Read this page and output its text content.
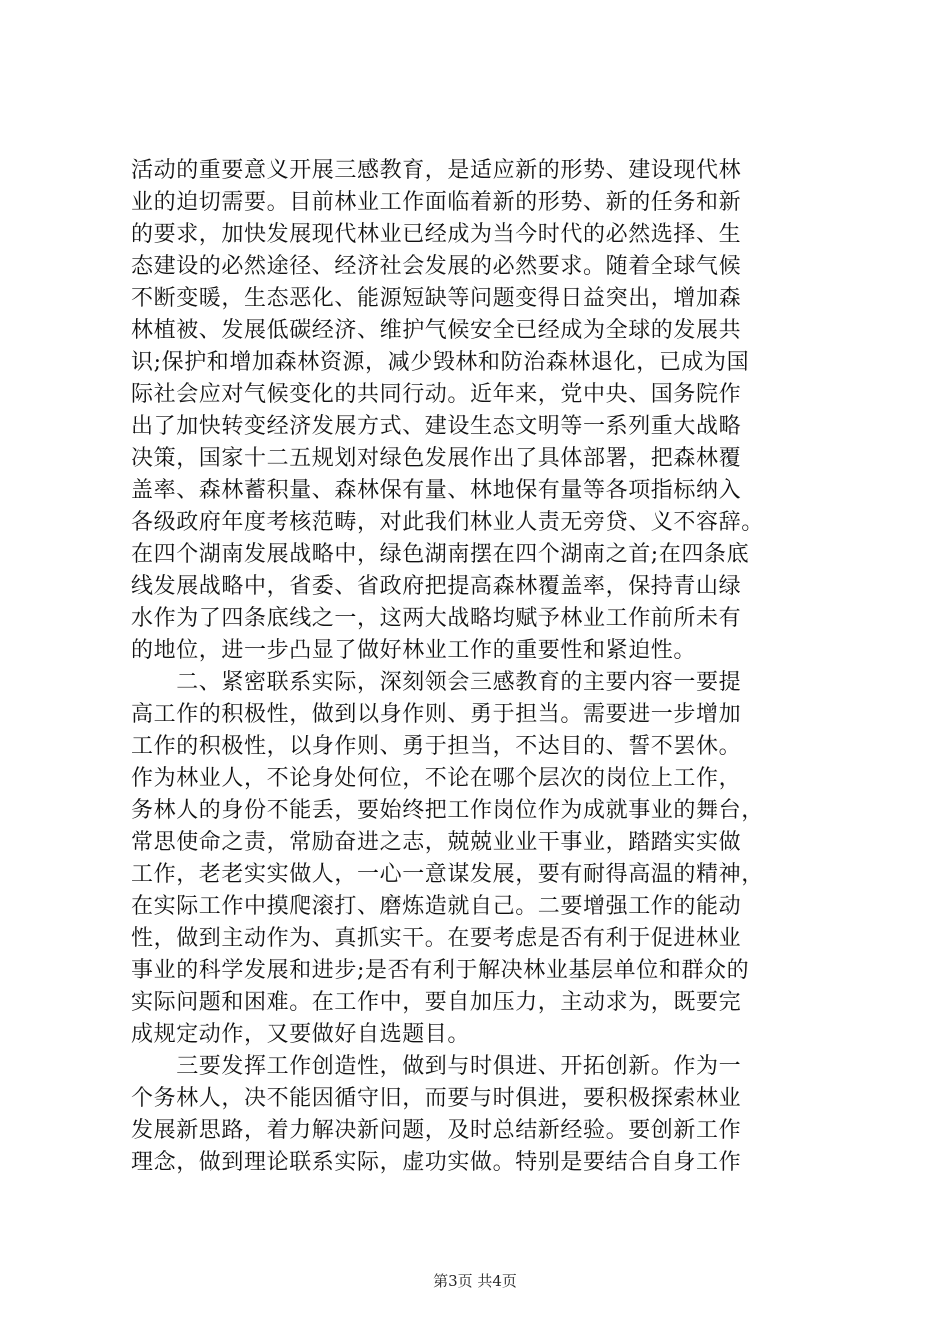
活动的重要意义开展三感教育，是适应新的形势、建设现代林
业的迫切需要。目前林业工作面临着新的形势、新的任务和新
的要求，加快发展现代林业已经成为当今时代的必然选择、生
态建设的必然途径、经济社会发展的必然要求。随着全球气候
不断变暖，生态恶化、能源短缺等问题变得日益突出，增加森
林植被、发展低碳经济、维护气候安全已经成为全球的发展共
识;保护和增加森林资源，减少毁林和防治森林退化，已成为国
际社会应对气候变化的共同行动。近年来，党中央、国务院作
出了加快转变经济发展方式、建设生态文明等一系列重大战略
决策，国家十二五规划对绿色发展作出了具体部署，把森林覆
盖率、森林蓄积量、森林保有量、林地保有量等各项指标纳入
各级政府年度考核范畴，对此我们林业人责无旁贷、义不容辞。
在四个湖南发展战略中，绿色湖南摆在四个湖南之首;在四条底
线发展战略中，省委、省政府把提高森林覆盖率，保持青山绿
水作为了四条底线之一，这两大战略均赋予林业工作前所未有
的地位，进一步凸显了做好林业工作的重要性和紧迫性。
　　二、紧密联系实际，深刻领会三感教育的主要内容一要提
高工作的积极性，做到以身作则、勇于担当。需要进一步增加
工作的积极性，以身作则、勇于担当，不达目的、誓不罢休。
作为林业人，不论身处何位，不论在哪个层次的岗位上工作，
务林人的身份不能丢，要始终把工作岗位作为成就事业的舞台，
常思使命之责，常励奋进之志，兢兢业业干事业，踏踏实实做
工作，老老实实做人，一心一意谋发展，要有耐得高温的精神，
在实际工作中摸爬滚打、磨炼造就自己。二要增强工作的能动
性，做到主动作为、真抓实干。在要考虑是否有利于促进林业
事业的科学发展和进步;是否有利于解决林业基层单位和群众的
实际问题和困难。在工作中，要自加压力，主动求为，既要完
成规定动作，又要做好自选题目。
　　三要发挥工作创造性，做到与时俱进、开拓创新。作为一
个务林人，决不能因循守旧，而要与时俱进，要积极探索林业
发展新思路，着力解决新问题，及时总结新经验。要创新工作
理念，做到理论联系实际，虚功实做。特别是要结合自身工作
第3页 共4页
